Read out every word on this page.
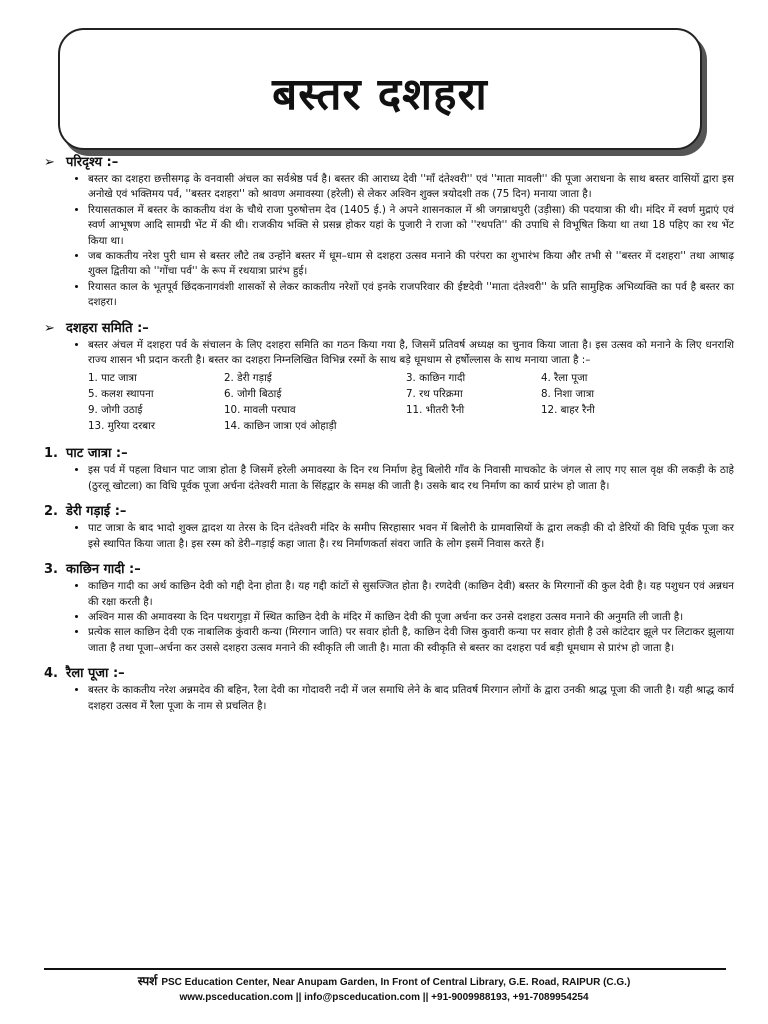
बस्तर दशहरा
➢ परिदृश्य :–
• बस्तर का दशहरा छत्तीसगढ़ के वनवासी अंचल का सर्वश्रेष्ठ पर्व है। बस्तर की आराध्य देवी ''माँ दंतेश्वरी'' एवं ''माता मावली'' की पूजा अराधना के साथ बस्तर वासियों द्वारा इस अनोखे एवं भक्तिमय पर्व, ''बस्तर दशहरा'' को श्रावण अमावस्या (हरेली) से लेकर अश्विन शुक्ल त्रयोदशी तक (75 दिन) मनाया जाता है।
• रियासतकाल में बस्तर के काकतीय वंश के चौथे राजा पुरुषोत्तम देव (1405 ई.) ने अपने शासनकाल में श्री जगन्नाथपुरी (उड़ीसा) की पदयात्रा की थी। मंदिर में स्वर्ण मुद्राएं एवं स्वर्ण आभूषण आदि सामग्री भेंट में की थी। राजकीय भक्ति से प्रसन्न होकर यहां के पुजारी ने राजा को ''रथपति'' की उपाधि से विभूषित किया था तथा 18 पहिए का रथ भेंट किया था।
• जब काकतीय नरेश पुरी धाम से बस्तर लौटे तब उन्होंने बस्तर में धूम–धाम से दशहरा उत्सव मनाने की परंपरा का शुभारंभ किया और तभी से ''बस्तर में दशहरा'' तथा आषाढ़ शुक्ल द्वितीया को ''गोंचा पर्व'' के रूप में रथयात्रा प्रारंभ हुई।
• रियासत काल के भूतपूर्व छिंदकनागवंशी शासकों से लेकर काकतीय नरेशों एवं इनके राजपरिवार की ईष्टदेवी ''माता दंतेश्वरी'' के प्रति सामुहिक अभिव्यक्ति का पर्व है बस्तर का दशहरा।
➢ दशहरा समिति :–
• बस्तर अंचल में दशहरा पर्व के संचालन के लिए दशहरा समिति का गठन किया गया है, जिसमें प्रतिवर्ष अध्यक्ष का चुनाव किया जाता है। इस उत्सव को मनाने के लिए धनराशि राज्य शासन भी प्रदान करती है। बस्तर का दशहरा निम्नलिखित विभिन्न रस्मों के साथ बड़े धूमधाम से हर्षोल्लास के साथ मनाया जाता है :–
1. पाट जात्रा	2. डेरी गड़ाई	3. काछिन गादी	4. रैला पूजा
5. कलश स्थापना	6. जोगी बिठाई	7. रथ परिक्रमा	8. निशा जात्रा
9. जोगी उठाई	10. मावली परघाव	11. भीतरी रैनी	12. बाहर रैनी
13. मुरिया दरबार	14. काछिन जात्रा एवं ओहाड़ी
1. पाट जात्रा :–
• इस पर्व में पहला विधान पाट जात्रा होता है जिसमें हरेली अमावस्या के दिन रथ निर्माण हेतु बिलोरी गाँव के निवासी माचकोट के जंगल से लाए गए साल वृक्ष की लकड़ी के ठाहे (ठुरलू खोटला) का विधि पूर्वक पूजा अर्चना दंतेश्वरी माता के सिंहद्वार के समक्ष की जाती है। उसके बाद रथ निर्माण का कार्य प्रारंभ हो जाता है।
2. डेरी गड़ाई :–
• पाट जात्रा के बाद भादो शुक्ल द्वादश या तेरस के दिन दंतेश्वरी मंदिर के समीप सिरहासार भवन में बिलोरी के ग्रामवासियों के द्वारा लकड़ी की दो डेरियों की विधि पूर्वक पूजा कर इसे स्थापित किया जाता है। इस रस्म को डेरी–गड़ाई कहा जाता है। रथ निर्माणकर्ता संवरा जाति के लोग इसमें निवास करते हैं।
3. काछिन गादी :–
• काछिन गादी का अर्थ काछिन देवी को गद्दी देना होता है। यह गद्दी कांटों से सुसज्जित होता है। रणदेवी (काछिन देवी) बस्तर के मिरगानों की कुल देवी है। यह पशुधन एवं अन्नधन की रक्षा करती है।
• अश्विन मास की अमावस्या के दिन पथरागुड़ा में स्थित काछिन देवी के मंदिर में काछिन देवी की पूजा अर्चना कर उनसे दशहरा उत्सव मनाने की अनुमति ली जाती है।
• प्रत्येक साल काछिन देवी एक नाबालिक कुंवारी कन्या (मिरगान जाति) पर सवार होती है, काछिन देवी जिस कुवारी कन्या पर सवार होती है उसे कांटेदार झूले पर लिटाकर झुलाया जाता है तथा पूजा–अर्चना कर उससे दशहरा उत्सव मनाने की स्वीकृति ली जाती है। माता की स्वीकृति से बस्तर का दशहरा पर्व बड़ी धूमधाम से प्रारंभ हो जाता है।
4. रैला पूजा :–
• बस्तर के काकतीय नरेश अन्नमदेव की बहिन, रैला देवी का गोदावरी नदी में जल समाधि लेने के बाद प्रतिवर्ष मिरगान लोगों के द्वारा उनकी श्राद्ध पूजा की जाती है। यही श्राद्ध कार्य दशहरा उत्सव में रैला पूजा के नाम से प्रचलित है।
स्पर्श PSC Education Center, Near Anupam Garden, In Front of Central Library, G.E. Road, RAIPUR (C.G.)
www.psceducation.com || info@psceducation.com || +91-9009988193, +91-7089954254
